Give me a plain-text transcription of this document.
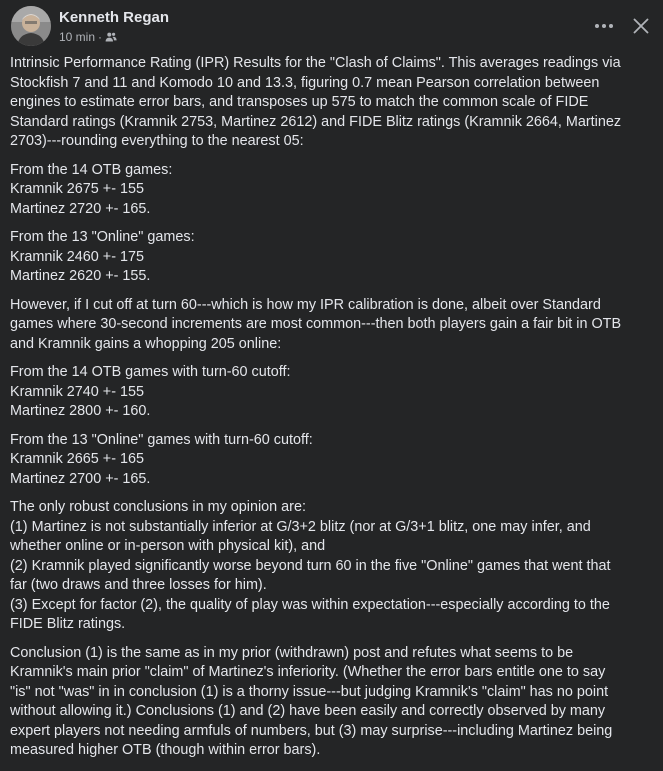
Kenneth Regan
10 min ·

Intrinsic Performance Rating (IPR) Results for the "Clash of Claims". This averages readings via
Stockfish 7 and 11 and Komodo 10 and 13.3, figuring 0.7 mean Pearson correlation between
engines to estimate error bars, and transposes up 575 to match the common scale of FIDE
Standard ratings (Kramnik 2753, Martinez 2612) and FIDE Blitz ratings (Kramnik 2664, Martinez
2703)---rounding everything to the nearest 05:

From the 14 OTB games:
Kramnik 2675 +- 155
Martinez 2720 +- 165.

From the 13 "Online" games:
Kramnik 2460 +- 175
Martinez 2620 +- 155.

However, if I cut off at turn 60---which is how my IPR calibration is done, albeit over Standard
games where 30-second increments are most common---then both players gain a fair bit in OTB
and Kramnik gains a whopping 205 online:

From the 14 OTB games with turn-60 cutoff:
Kramnik 2740 +- 155
Martinez 2800 +- 160.

From the 13 "Online" games with turn-60 cutoff:
Kramnik 2665 +- 165
Martinez 2700 +- 165.

The only robust conclusions in my opinion are:
(1) Martinez is not substantially inferior at G/3+2 blitz (nor at G/3+1 blitz, one may infer, and
whether online or in-person with physical kit), and
(2) Kramnik played significantly worse beyond turn 60 in the five "Online" games that went that
far (two draws and three losses for him).
(3) Except for factor (2), the quality of play was within expectation---especially according to the
FIDE Blitz ratings.

Conclusion (1) is the same as in my prior (withdrawn) post and refutes what seems to be
Kramnik's main prior "claim" of Martinez's inferiority. (Whether the error bars entitle one to say
"is" not "was" in in conclusion (1) is a thorny issue---but judging Kramnik's "claim" has no point
without allowing it.) Conclusions (1) and (2) have been easily and correctly observed by many
expert players not needing armfuls of numbers, but (3) may surprise---including Martinez being
measured higher OTB (though within error bars).
